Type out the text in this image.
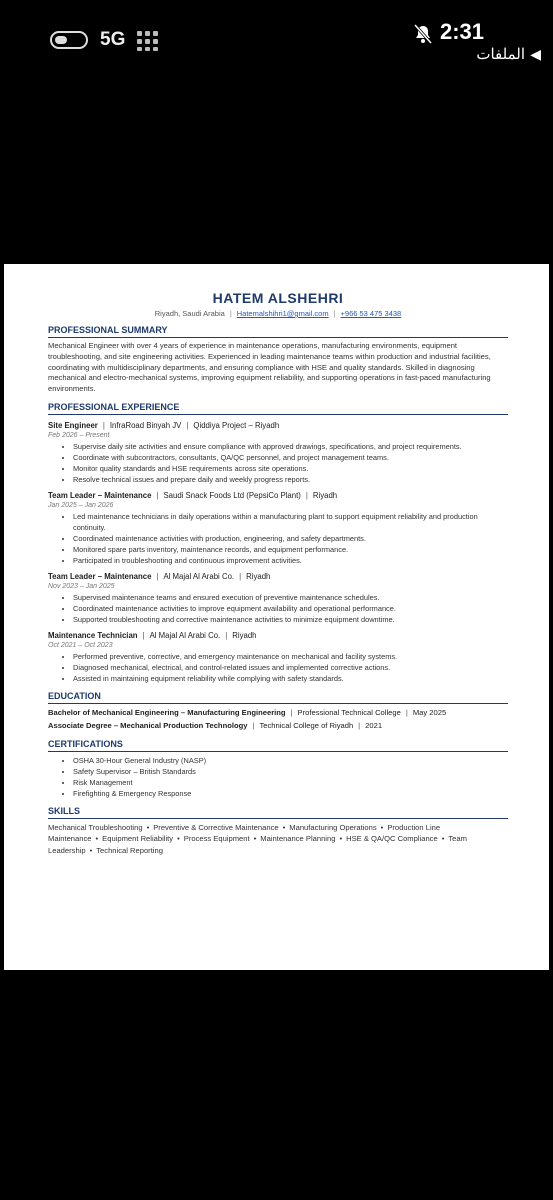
5G	2:31
الملفات ◀
HATEM ALSHEHRI
Riyadh, Saudi Arabia | Hatemalshihri1@gmail.com | +966 53 475 3438
PROFESSIONAL SUMMARY
Mechanical Engineer with over 4 years of experience in maintenance operations, manufacturing environments, equipment troubleshooting, and site engineering activities. Experienced in leading maintenance teams within production and industrial facilities, coordinating with multidisciplinary departments, and ensuring compliance with HSE and quality standards. Skilled in diagnosing mechanical and electro-mechanical systems, improving equipment reliability, and supporting operations in fast-paced manufacturing environments.
PROFESSIONAL EXPERIENCE
Site Engineer | InfraRoad Binyah JV | Qiddiya Project – Riyadh
Feb 2026 – Present
• Supervise daily site activities and ensure compliance with approved drawings, specifications, and project requirements.
• Coordinate with subcontractors, consultants, QA/QC personnel, and project management teams.
• Monitor quality standards and HSE requirements across site operations.
• Resolve technical issues and prepare daily and weekly progress reports.
Team Leader – Maintenance | Saudi Snack Foods Ltd (PepsiCo Plant) | Riyadh
Jan 2025 – Jan 2026
• Led maintenance technicians in daily operations within a manufacturing plant to support equipment reliability and production continuity.
• Coordinated maintenance activities with production, engineering, and safety departments.
• Monitored spare parts inventory, maintenance records, and equipment performance.
• Participated in troubleshooting and continuous improvement activities.
Team Leader – Maintenance | Al Majal Al Arabi Co. | Riyadh
Nov 2023 – Jan 2025
• Supervised maintenance teams and ensured execution of preventive maintenance schedules.
• Coordinated maintenance activities to improve equipment availability and operational performance.
• Supported troubleshooting and corrective maintenance activities to minimize equipment downtime.
Maintenance Technician | Al Majal Al Arabi Co. | Riyadh
Oct 2021 – Oct 2023
• Performed preventive, corrective, and emergency maintenance on mechanical and facility systems.
• Diagnosed mechanical, electrical, and control-related issues and implemented corrective actions.
• Assisted in maintaining equipment reliability while complying with safety standards.
EDUCATION
Bachelor of Mechanical Engineering – Manufacturing Engineering | Professional Technical College | May 2025
Associate Degree – Mechanical Production Technology | Technical College of Riyadh | 2021
CERTIFICATIONS
• OSHA 30-Hour General Industry (NASP)
• Safety Supervisor – British Standards
• Risk Management
• Firefighting & Emergency Response
SKILLS
Mechanical Troubleshooting • Preventive & Corrective Maintenance • Manufacturing Operations • Production Line Maintenance • Equipment Reliability • Process Equipment • Maintenance Planning • HSE & QA/QC Compliance • Team Leadership • Technical Reporting
